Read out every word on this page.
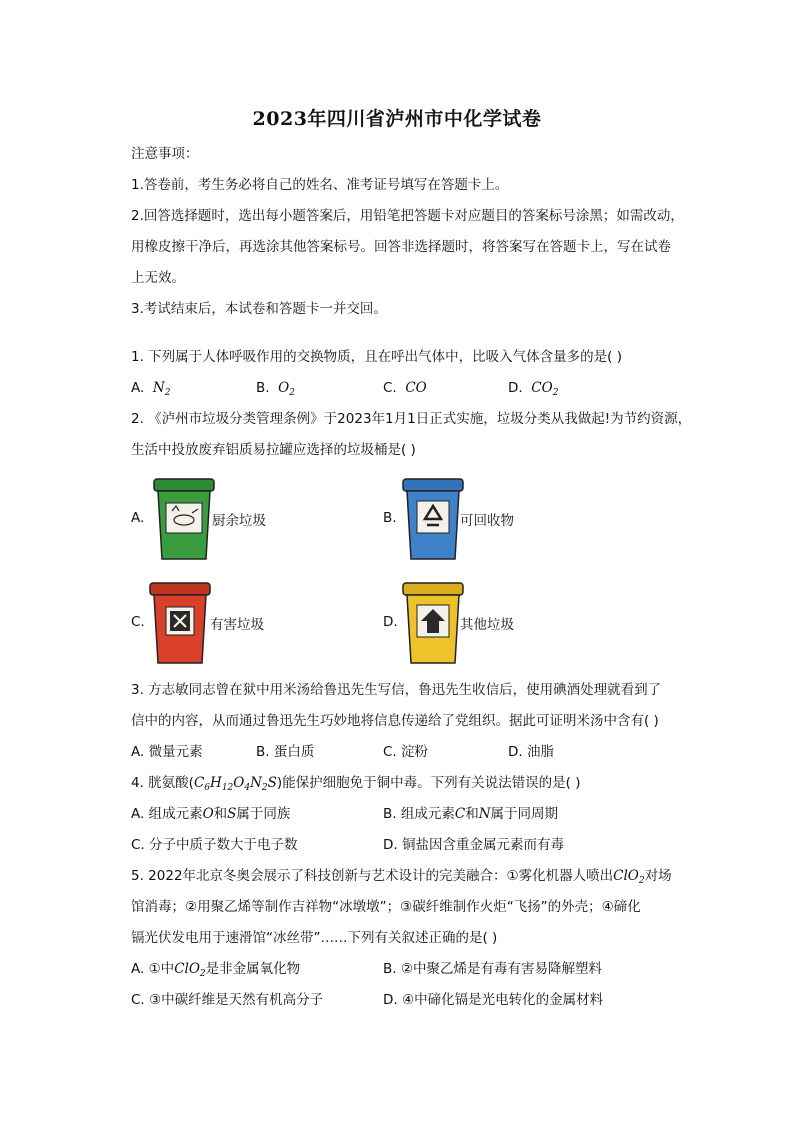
2023年四川省泸州市中化学试卷
注意事项：
1.答卷前，考生务必将自己的姓名、准考证号填写在答题卡上。
2.回答选择题时，选出每小题答案后，用铅笔把答题卡对应题目的答案标号涂黑；如需改动，
用橡皮擦干净后，再选涂其他答案标号。回答非选择题时，将答案写在答题卡上，写在试卷
上无效。
3.考试结束后，本试卷和答题卡一并交回。
1. 下列属于人体呼吸作用的交换物质，且在呼出气体中，比吸入气体含量多的是( )
A. $N_2$	B. $O_2$	C. CO	D. $CO_2$
2. 《泸州市垃圾分类管理条例》于2023年1月1日正式实施，垃圾分类从我做起!为节约资源，
生活中投放废弃铝质易拉罐应选择的垃圾桶是( )
A.	厨余垃圾	B.	可回收物
C.	有害垃圾	D.	其他垃圾
3. 方志敏同志曾在狱中用米汤给鲁迅先生写信，鲁迅先生收信后，使用碘酒处理就看到了
信中的内容，从而通过鲁迅先生巧妙地将信息传递给了党组织。据此可证明米汤中含有( )
A. 微量元素	B. 蛋白质	C. 淀粉	D. 油脂
4. 胱氨酸$(C_6H_{12}O_4N_2S)$能保护细胞免于铜中毒。下列有关说法错误的是( )
A. 组成元素O和S属于同族	B. 组成元素C和N属于同周期
C. 分子中质子数大于电子数	D. 铜盐因含重金属元素而有毒
5. 2022年北京冬奥会展示了科技创新与艺术设计的完美融合：①雾化机器人喷出ClO$_2$对场
馆消毒；②用聚乙烯等制作吉祥物“冰墩墩”；③碳纤维制作火炬“飞扬”的外壳；④碲化
镉光伏发电用于速滑馆“冰丝带”……下列有关叙述正确的是( )
A. ①中ClO$_2$是非金属氧化物	B. ②中聚乙烯是有毒有害易降解塑料
C. ③中碳纤维是天然有机高分子	D. ④中碲化镉是光电转化的金属材料
